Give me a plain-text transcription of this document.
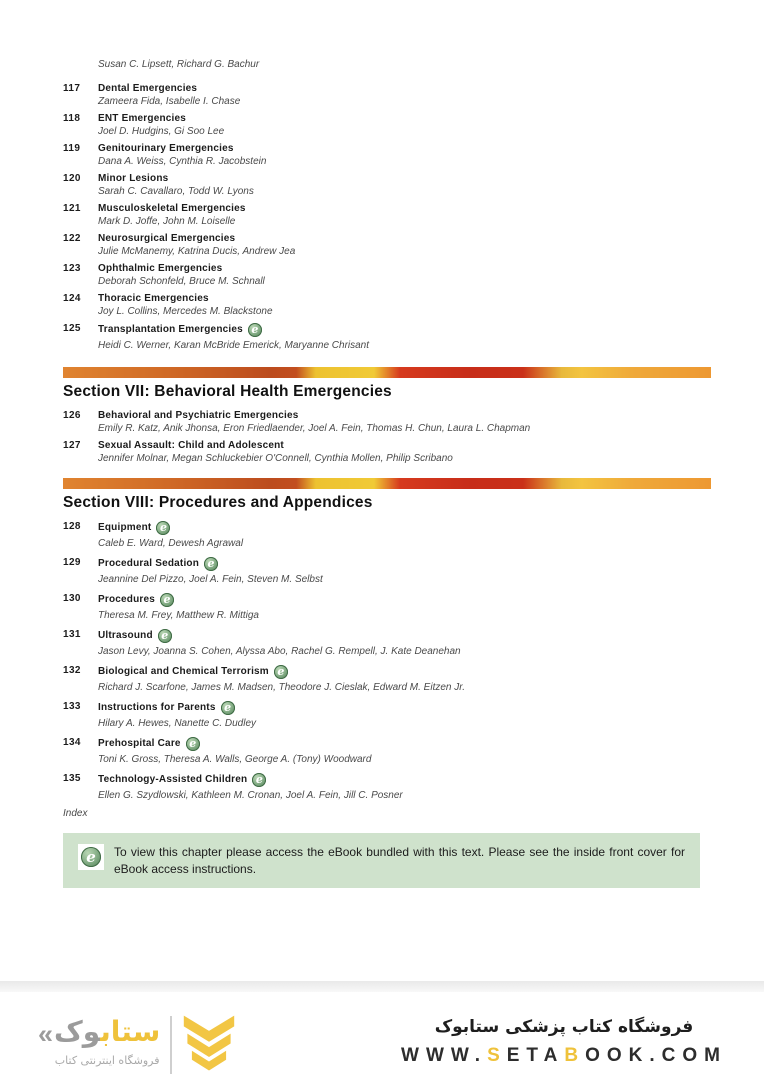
Susan C. Lipsett, Richard G. Bachur
117	Dental Emergencies
Zameera Fida, Isabelle I. Chase
118	ENT Emergencies
Joel D. Hudgins, Gi Soo Lee
119	Genitourinary Emergencies
Dana A. Weiss, Cynthia R. Jacobstein
120	Minor Lesions
Sarah C. Cavallaro, Todd W. Lyons
121	Musculoskeletal Emergencies
Mark D. Joffe, John M. Loiselle
122	Neurosurgical Emergencies
Julie McManemy, Katrina Ducis, Andrew Jea
123	Ophthalmic Emergencies
Deborah Schonfeld, Bruce M. Schnall
124	Thoracic Emergencies
Joy L. Collins, Mercedes M. Blackstone
125	Transplantation Emergencies e
Heidi C. Werner, Karan McBride Emerick, Maryanne Chrisant
Section VII: Behavioral Health Emergencies
126	Behavioral and Psychiatric Emergencies
Emily R. Katz, Anik Jhonsa, Eron Friedlaender, Joel A. Fein, Thomas H. Chun, Laura L. Chapman
127	Sexual Assault: Child and Adolescent
Jennifer Molnar, Megan Schluckebier O'Connell, Cynthia Mollen, Philip Scribano
Section VIII: Procedures and Appendices
128	Equipment e
Caleb E. Ward, Dewesh Agrawal
129	Procedural Sedation e
Jeannine Del Pizzo, Joel A. Fein, Steven M. Selbst
130	Procedures e
Theresa M. Frey, Matthew R. Mittiga
131	Ultrasound e
Jason Levy, Joanna S. Cohen, Alyssa Abo, Rachel G. Rempell, J. Kate Deanehan
132	Biological and Chemical Terrorism e
Richard J. Scarfone, James M. Madsen, Theodore J. Cieslak, Edward M. Eitzen Jr.
133	Instructions for Parents e
Hilary A. Hewes, Nanette C. Dudley
134	Prehospital Care e
Toni K. Gross, Theresa A. Walls, George A. (Tony) Woodward
135	Technology-Assisted Children e
Ellen G. Szydlowski, Kathleen M. Cronan, Joel A. Fein, Jill C. Posner
Index
e	To view this chapter please access the eBook bundled with this text. Please see the inside front cover for eBook access instructions.

«	ستابوک
فروشگاه اینترنتی کتاب
فروشگاه کتاب پزشکی ستابوک
WWW.SETABOOK.COM
